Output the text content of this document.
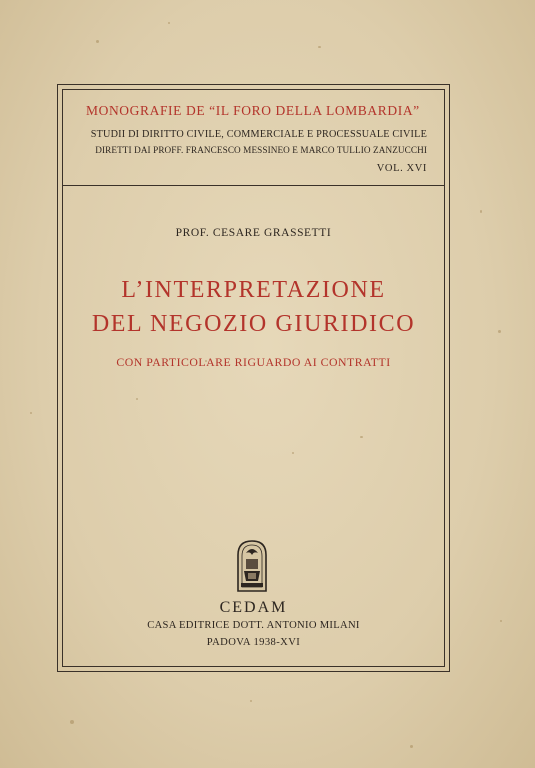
MONOGRAFIE DE “IL FORO DELLA LOMBARDIA”
STUDII DI DIRITTO CIVILE, COMMERCIALE E PROCESSUALE CIVILE
DIRETTI DAI PROFF. FRANCESCO MESSINEO E MARCO TULLIO ZANZUCCHI
VOL. XVI
PROF. CESARE GRASSETTI
L’INTERPRETAZIONE
DEL NEGOZIO GIURIDICO
CON PARTICOLARE RIGUARDO AI CONTRATTI
CEDAM
CASA EDITRICE DOTT. ANTONIO MILANI
PADOVA 1938-XVI
